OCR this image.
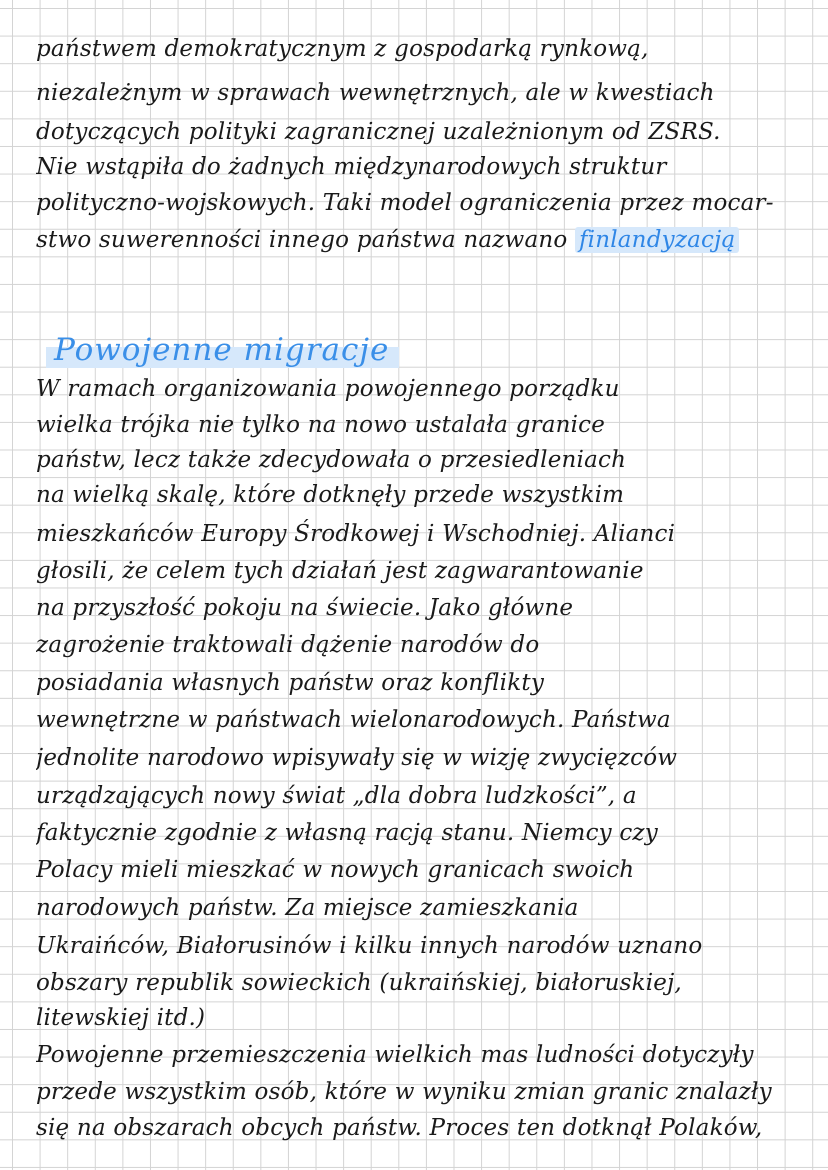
państwem demokratycznym z gospodarką rynkową,
niezależnym w sprawach wewnętrznych, ale w kwestiach
dotyczących polityki zagranicznej uzależnionym od ZSRS.
Nie wstąpiła do żadnych międzynarodowych struktur
polityczno-wojskowych. Taki model ograniczenia przez mocar-
stwo suwerenności innego państwa nazwano finlandyzacją
Powojenne migracje
W ramach organizowania powojennego porządku
wielka trójka nie tylko na nowo ustalała granice
państw, lecz także zdecydowała o przesiedleniach
na wielką skalę, które dotknęły przede wszystkim
mieszkańców Europy Środkowej i Wschodniej. Alianci
głosili, że celem tych działań jest zagwarantowanie
na przyszłość pokoju na świecie. Jako główne
zagrożenie traktowali dążenie narodów do
posiadania własnych państw oraz konflikty
wewnętrzne w państwach wielonarodowych. Państwa
jednolite narodowo wpisywały się w wizję zwycięzców
urządzających nowy świat „dla dobra ludzkości”, a
faktycznie zgodnie z własną racją stanu. Niemcy czy
Polacy mieli mieszkać w nowych granicach swoich
narodowych państw. Za miejsce zamieszkania
Ukraińców, Białorusinów i kilku innych narodów uznano
obszary republik sowieckich (ukraińskiej, białoruskiej,
litewskiej itd.)
Powojenne przemieszczenia wielkich mas ludności dotyczyły
przede wszystkim osób, które w wyniku zmian granic znalazły
się na obszarach obcych państw. Proces ten dotknął Polaków,
